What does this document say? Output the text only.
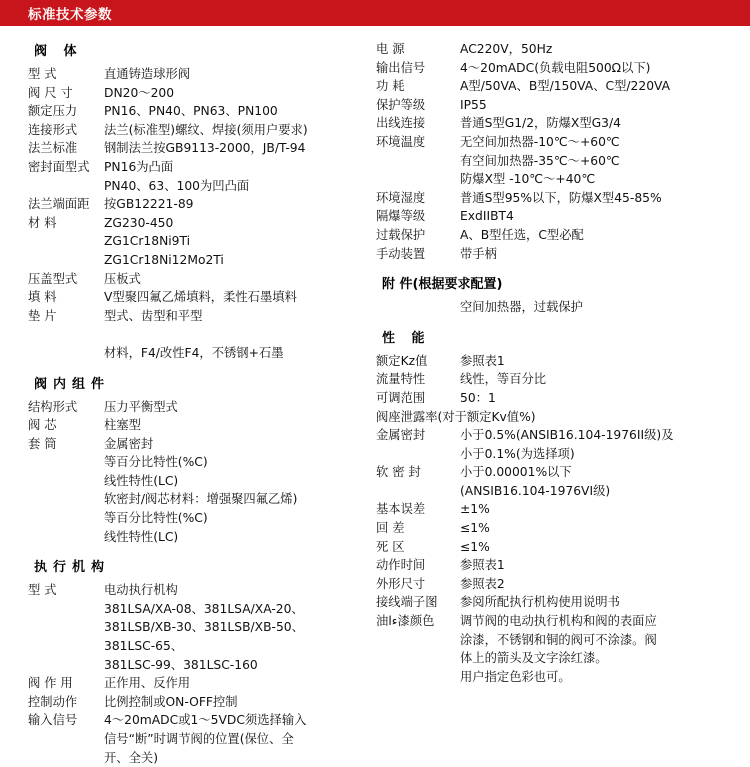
标准技术参数
阀 体
型 式	直通铸造球形阀
阀 尺 寸	DN20～200
额定压力	PN16、PN40、PN63、PN100
连接形式	法兰(标准型)螺纹、焊接(须用户要求)
法兰标准	钢制法兰按GB9113-2000，JB/T-94
密封面型式	PN16为凸面
	PN40、63、100为凹凸面
法兰端面距	按GB12221-89
材 料	ZG230-450
	ZG1Cr18Ni9Ti
	ZG1Cr18Ni12Mo2Ti
压盖型式	压板式
填 料	V型聚四氟乙烯填料，柔性石墨填料
垫 片	型式、齿型和平型

	材料，F4/改性F4，不锈钢+石墨
阀内组件
结构形式	压力平衡型式
阀 芯	柱塞型
套 筒	金属密封
	等百分比特性(%C)
	线性特性(LC)
	软密封/阀芯材料：增强聚四氟乙烯)
	等百分比特性(%C)
	线性特性(LC)
执行机构
型 式	电动执行机构
	381LSA/XA-08、381LSA/XA-20、
	381LSB/XB-30、381LSB/XB-50、
	381LSC-65、
	381LSC-99、381LSC-160
阀 作 用	正作用、反作用
控制动作	比例控制或ON-OFF控制
输入信号	4～20mADC或1～5VDC须选择输入
	信号“断”时调节阀的位置(保位、全
	开、全关)
电 源	AC220V，50Hz
输出信号	4～20mADC(负载电阻500Ω以下)
功 耗	A型/50VA、B型/150VA、C型/220VA
保护等级	IP55
出线连接	普通S型G1/2，防爆X型G3/4
环境温度	无空间加热器-10℃～+60℃
	有空间加热器-35℃～+60℃
	防爆X型 -10℃～+40℃
环境湿度	普通S型95%以下，防爆X型45-85%
隔爆等级	ExdIIBT4
过载保护	A、B型任选，C型必配
手动装置	带手柄
附 件(根据要求配置)
	空间加热器，过载保护
性 能
额定Kz值	参照表1
流量特性	线性，等百分比
可调范围	50：1
阀座泄露率(对于额定Kv值%)	
金属密封	小于0.5%(ANSIB16.104-1976II级)及
	小于0.1%(为选择项)
软 密 封	小于0.00001%以下
	(ANSIB16.104-1976VI级)
基本误差	±1%
回 差	≤1%
死 区	≤1%
动作时间	参照表1
外形尺寸	参照表2
接线端子图	参阅所配执行机构使用说明书
油ءا漆颜色	调节阀的电动执行机构和阀的表面应
	涂漆，不锈钢和铜的阀可不涂漆。阀
	体上的箭头及文字涂红漆。
	用户指定色彩也可。
